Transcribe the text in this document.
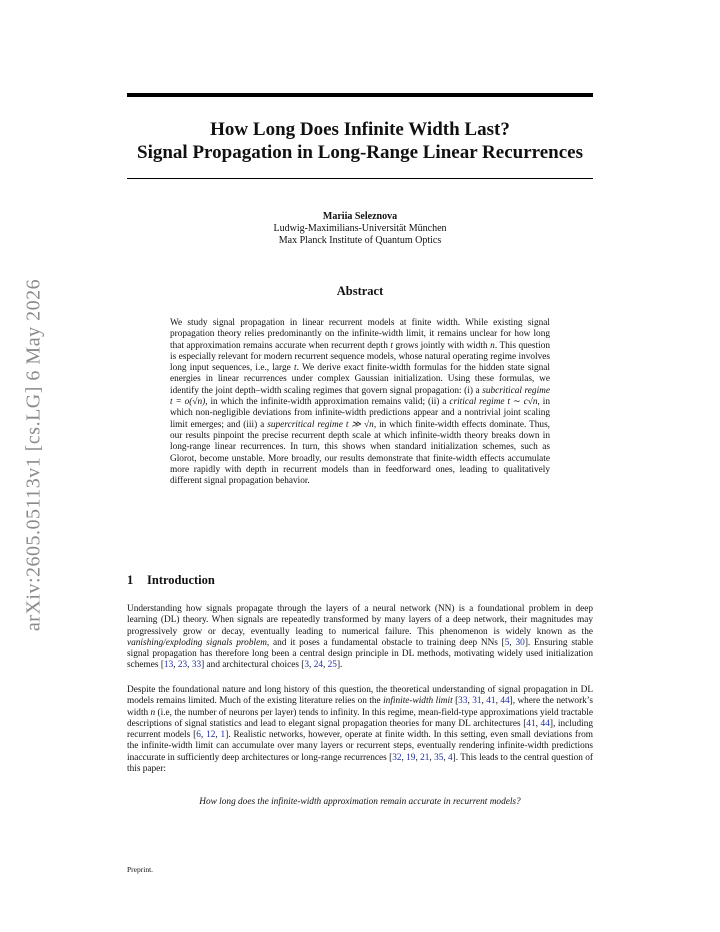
arXiv:2605.05113v1 [cs.LG] 6 May 2026
How Long Does Infinite Width Last?
Signal Propagation in Long-Range Linear Recurrences
Mariia Seleznova
Ludwig-Maximilians-Universität München
Max Planck Institute of Quantum Optics
Abstract
We study signal propagation in linear recurrent models at finite width. While existing signal propagation theory relies predominantly on the infinite-width limit, it remains unclear for how long that approximation remains accurate when recurrent depth t grows jointly with width n. This question is especially relevant for modern recurrent sequence models, whose natural operating regime involves long input sequences, i.e., large t. We derive exact finite-width formulas for the hidden state signal energies in linear recurrences under complex Gaussian initialization. Using these formulas, we identify the joint depth–width scaling regimes that govern signal propagation: (i) a subcritical regime t = o(√n), in which the infinite-width approximation remains valid; (ii) a critical regime t ∼ c√n, in which non-negligible deviations from infinite-width predictions appear and a nontrivial joint scaling limit emerges; and (iii) a supercritical regime t ≫ √n, in which finite-width effects dominate. Thus, our results pinpoint the precise recurrent depth scale at which infinite-width theory breaks down in long-range linear recurrences. In turn, this shows when standard initialization schemes, such as Glorot, become unstable. More broadly, our results demonstrate that finite-width effects accumulate more rapidly with depth in recurrent models than in feedforward ones, leading to qualitatively different signal propagation behavior.
1 Introduction
Understanding how signals propagate through the layers of a neural network (NN) is a foundational problem in deep learning (DL) theory. When signals are repeatedly transformed by many layers of a deep network, their magnitudes may progressively grow or decay, eventually leading to numerical failure. This phenomenon is widely known as the vanishing/exploding signals problem, and it poses a fundamental obstacle to training deep NNs [5, 30]. Ensuring stable signal propagation has therefore long been a central design principle in DL methods, motivating widely used initialization schemes [13, 23, 33] and architectural choices [3, 24, 25].
Despite the foundational nature and long history of this question, the theoretical understanding of signal propagation in DL models remains limited. Much of the existing literature relies on the infinite-width limit [33, 31, 41, 44], where the network’s width n (i.e, the number of neurons per layer) tends to infinity. In this regime, mean-field-type approximations yield tractable descriptions of signal statistics and lead to elegant signal propagation theories for many DL architectures [41, 44], including recurrent models [6, 12, 1]. Realistic networks, however, operate at finite width. In this setting, even small deviations from the infinite-width limit can accumulate over many layers or recurrent steps, eventually rendering infinite-width predictions inaccurate in sufficiently deep architectures or long-range recurrences [32, 19, 21, 35, 4]. This leads to the central question of this paper:
How long does the infinite-width approximation remain accurate in recurrent models?
Preprint.
